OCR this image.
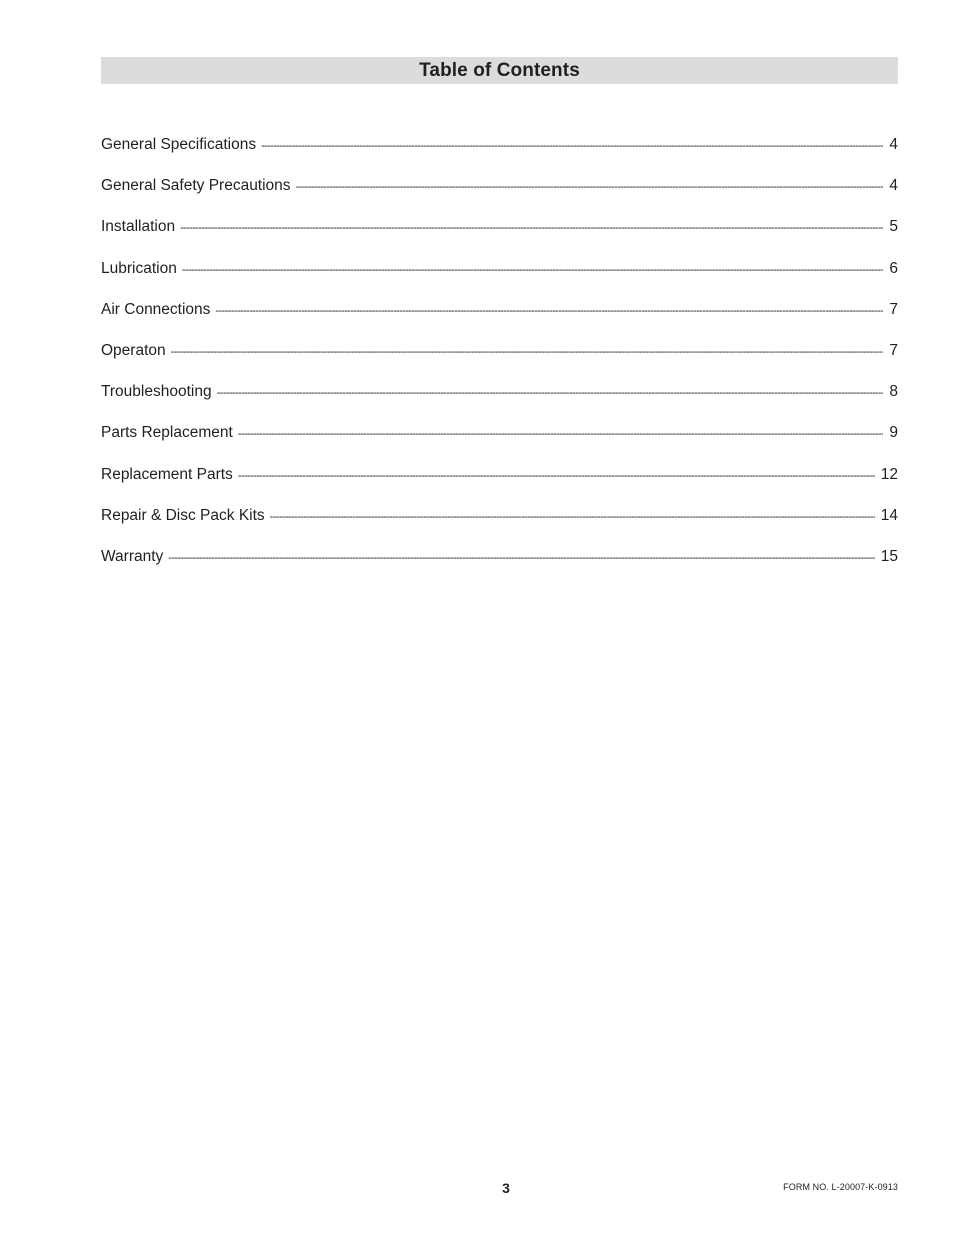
Table of Contents
General Specifications -----	4
General Safety Precautions -----	4
Installation -----	5
Lubrication -----	6
Air Connections -----	7
Operaton -----	7
Troubleshooting -----	8
Parts Replacement -----	9
Replacement Parts -----	12
Repair & Disc Pack Kits -----	14
Warranty -----	15
3	FORM NO. L-20007-K-0913
